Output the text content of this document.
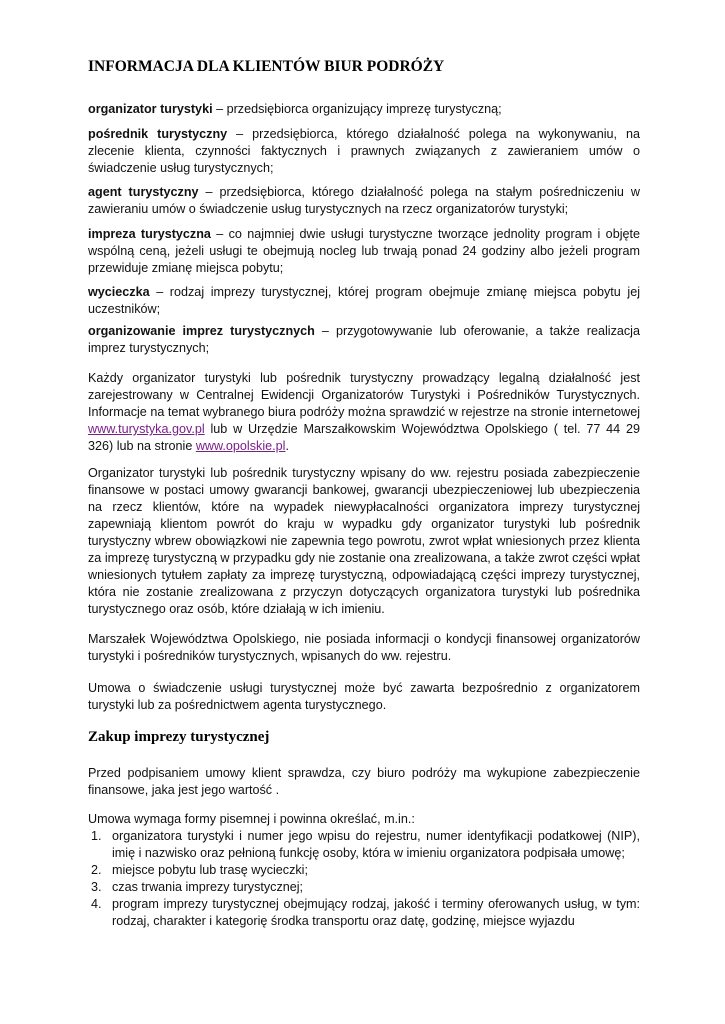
INFORMACJA DLA KLIENTÓW BIUR PODRÓŻY

organizator turystyki – przedsiębiorca organizujący imprezę turystyczną;

pośrednik turystyczny – przedsiębiorca, którego działalność polega na wykonywaniu, na zlecenie klienta, czynności faktycznych i prawnych związanych z zawieraniem umów o świadczenie usług turystycznych;

agent turystyczny – przedsiębiorca, którego działalność polega na stałym pośredniczeniu w zawieraniu umów o świadczenie usług turystycznych na rzecz organizatorów turystyki;

impreza turystyczna – co najmniej dwie usługi turystyczne tworzące jednolity program i objęte wspólną ceną, jeżeli usługi te obejmują nocleg lub trwają ponad 24 godziny albo jeżeli program przewiduje zmianę miejsca pobytu;

wycieczka – rodzaj imprezy turystycznej, której program obejmuje zmianę miejsca pobytu jej uczestników;

organizowanie imprez turystycznych – przygotowywanie lub oferowanie, a także realizacja imprez turystycznych;

Każdy organizator turystyki lub pośrednik turystyczny prowadzący legalną działalność jest zarejestrowany w Centralnej Ewidencji Organizatorów Turystyki i Pośredników Turystycznych. Informacje na temat wybranego biura podróży można sprawdzić w rejestrze na stronie internetowej www.turystyka.gov.pl lub w Urzędzie Marszałkowskim Województwa Opolskiego ( tel. 77 44 29 326) lub na stronie www.opolskie.pl.

Organizator turystyki lub pośrednik turystyczny wpisany do ww. rejestru posiada zabezpieczenie finansowe w postaci umowy gwarancji bankowej, gwarancji ubezpieczeniowej lub ubezpieczenia na rzecz klientów, które na wypadek niewypłacalności organizatora imprezy turystycznej zapewniają klientom powrót do kraju w wypadku gdy organizator turystyki lub pośrednik turystyczny wbrew obowiązkowi nie zapewnia tego powrotu, zwrot wpłat wniesionych przez klienta za imprezę turystyczną w przypadku gdy nie zostanie ona zrealizowana, a także zwrot części wpłat wniesionych tytułem zapłaty za imprezę turystyczną, odpowiadającą części imprezy turystycznej, która nie zostanie zrealizowana z przyczyn dotyczących organizatora turystyki lub pośrednika turystycznego oraz osób, które działają w ich imieniu.

Marszałek Województwa Opolskiego, nie posiada informacji o kondycji finansowej organizatorów turystyki i pośredników turystycznych, wpisanych do ww. rejestru.

Umowa o świadczenie usługi turystycznej może być zawarta bezpośrednio z organizatorem turystyki lub za pośrednictwem agenta turystycznego.

Zakup imprezy turystycznej

Przed podpisaniem umowy klient sprawdza, czy biuro podróży ma wykupione zabezpieczenie finansowe, jaka jest jego wartość .

Umowa wymaga formy pisemnej i powinna określać, m.in.:

1. organizatora turystyki i numer jego wpisu do rejestru, numer identyfikacji podatkowej (NIP), imię i nazwisko oraz pełnioną funkcję osoby, która w imieniu organizatora podpisała umowę;
2. miejsce pobytu lub trasę wycieczki;
3. czas trwania imprezy turystycznej;
4. program imprezy turystycznej obejmujący rodzaj, jakość i terminy oferowanych usług, w tym: rodzaj, charakter i kategorię środka transportu oraz datę, godzinę, miejsce wyjazdu
